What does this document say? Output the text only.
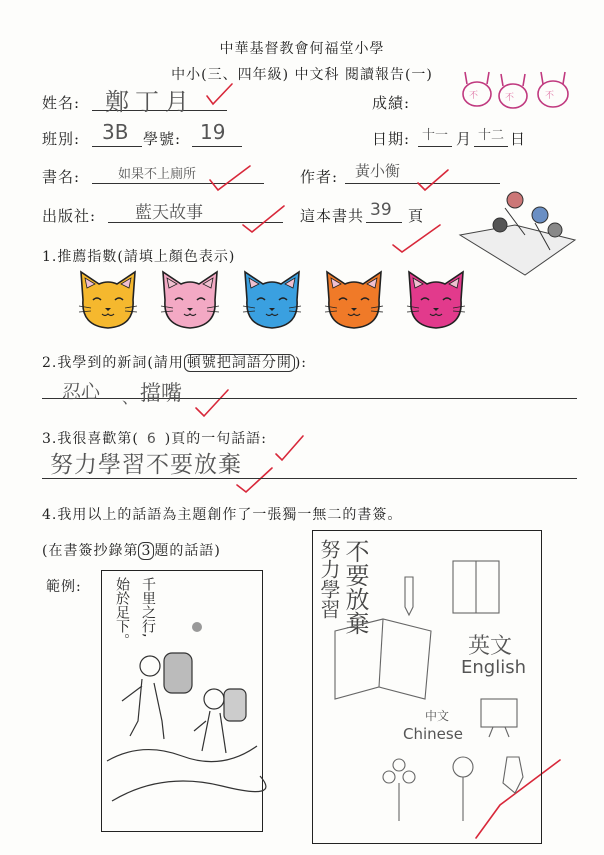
中華基督教會何福堂小學
中小(三、四年級) 中文科 閱讀報告(一)
不	不	不
姓名: 鄭丁月	成績:
班別: 3B 學號: 19	日期: 十一 月 十二 日
書名:	如果不上廁所	作者: 黃小衡
出版社: 藍天故事	這本書共 39 頁
1.推薦指數(請填上顏色表示)
2.我學到的新詞(請用 頓號把詞語分開 ):
忍心 、 擋嘴
3.我很喜歡第( 6 )頁的一句話語:
努力學習不要放棄
4.我用以上的話語為主題創作了一張獨一無二的書簽。
(在書簽抄錄第 3 題的話語)
範例:	千里之行,
始於足下。	努力學習 不要放棄
英文
English
中文
Chinese
